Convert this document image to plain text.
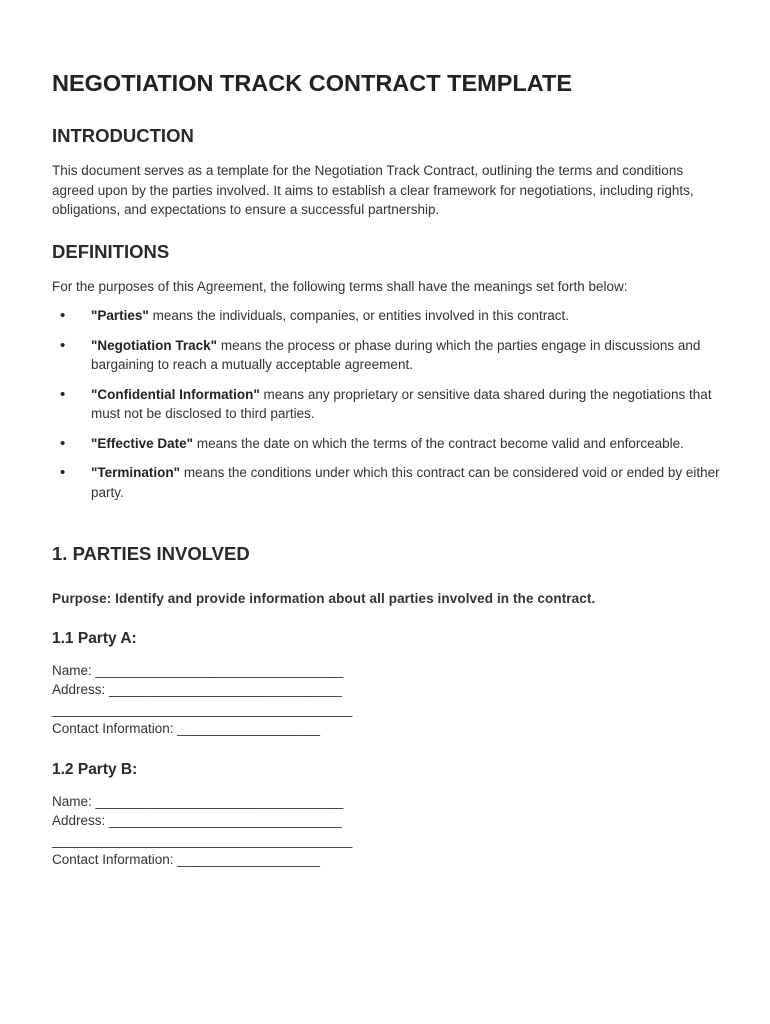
NEGOTIATION TRACK CONTRACT TEMPLATE
INTRODUCTION

This document serves as a template for the Negotiation Track Contract, outlining the terms and conditions agreed upon by the parties involved. It aims to establish a clear framework for negotiations, including rights, obligations, and expectations to ensure a successful partnership.

DEFINITIONS

For the purposes of this Agreement, the following terms shall have the meanings set forth below:

• "Parties" means the individuals, companies, or entities involved in this contract.
• "Negotiation Track" means the process or phase during which the parties engage in discussions and bargaining to reach a mutually acceptable agreement.
• "Confidential Information" means any proprietary or sensitive data shared during the negotiations that must not be disclosed to third parties.
• "Effective Date" means the date on which the terms of the contract become valid and enforceable.
• "Termination" means the conditions under which this contract can be considered void or ended by either party.
1. PARTIES INVOLVED

Purpose: Identify and provide information about all parties involved in the contract.

1.1 Party A:
Name: _________________________________
Address: _______________________________
________________________________________
Contact Information: ___________________
1.2 Party B:
Name: _________________________________
Address: _______________________________
________________________________________
Contact Information: ___________________
